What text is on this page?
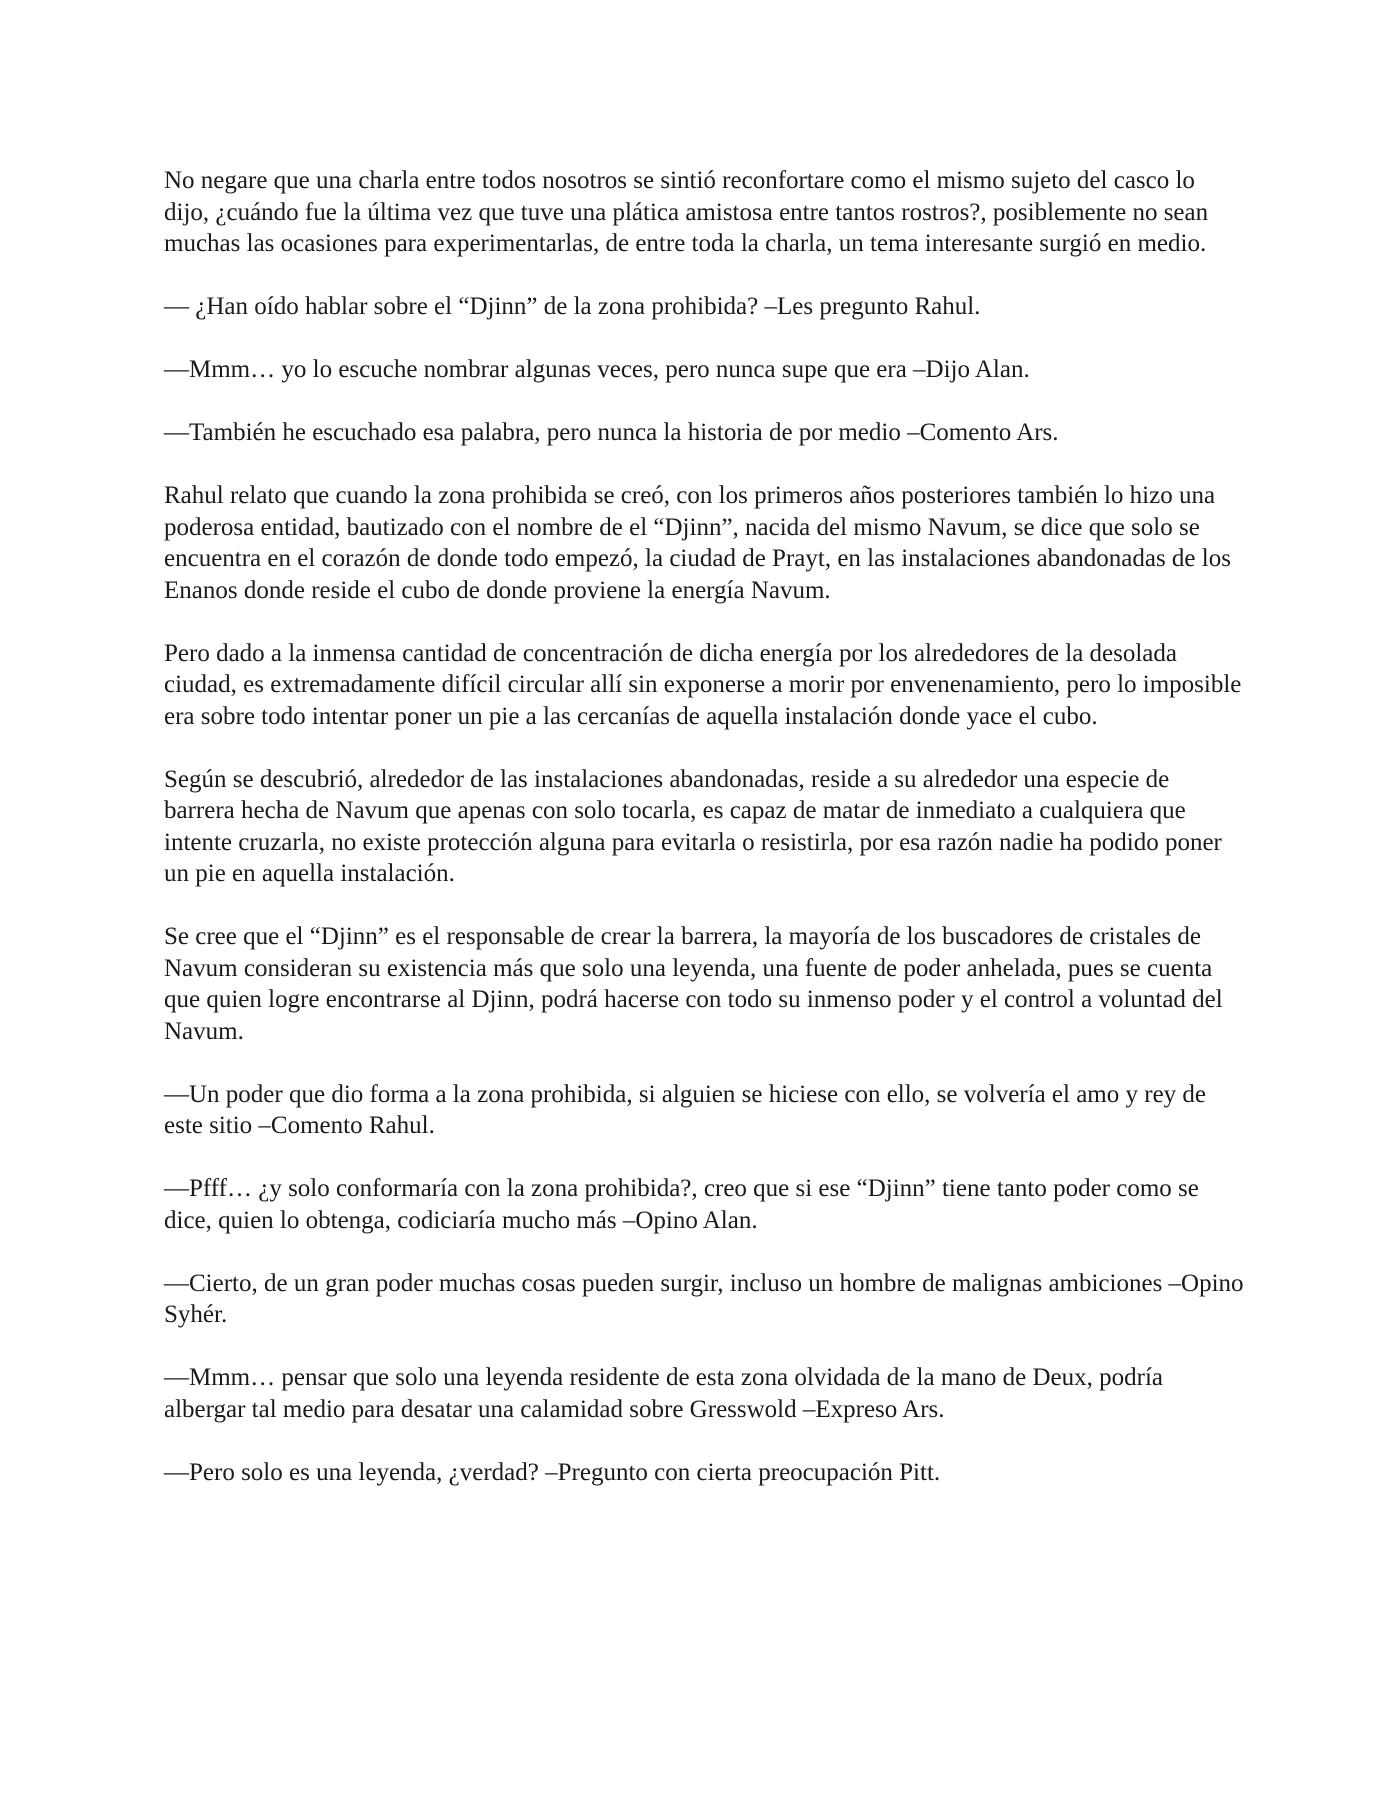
No negare que una charla entre todos nosotros se sintió reconfortare como el mismo sujeto del casco lo dijo, ¿cuándo fue la última vez que tuve una plática amistosa entre tantos rostros?, posiblemente no sean muchas las ocasiones para experimentarlas, de entre toda la charla, un tema interesante surgió en medio.

— ¿Han oído hablar sobre el “Djinn” de la zona prohibida? –Les pregunto Rahul.

—Mmm… yo lo escuche nombrar algunas veces, pero nunca supe que era –Dijo Alan.

—También he escuchado esa palabra, pero nunca la historia de por medio –Comento Ars.

Rahul relato que cuando la zona prohibida se creó, con los primeros años posteriores también lo hizo una poderosa entidad, bautizado con el nombre de el “Djinn”, nacida del mismo Navum, se dice que solo se encuentra en el corazón de donde todo empezó, la ciudad de Prayt, en las instalaciones abandonadas de los Enanos donde reside el cubo de donde proviene la energía Navum.

Pero dado a la inmensa cantidad de concentración de dicha energía por los alrededores de la desolada ciudad, es extremadamente difícil circular allí sin exponerse a morir por envenenamiento, pero lo imposible era sobre todo intentar poner un pie a las cercanías de aquella instalación donde yace el cubo.

Según se descubrió, alrededor de las instalaciones abandonadas, reside a su alrededor una especie de barrera hecha de Navum que apenas con solo tocarla, es capaz de matar de inmediato a cualquiera que intente cruzarla, no existe protección alguna para evitarla o resistirla, por esa razón nadie ha podido poner un pie en aquella instalación.

Se cree que el “Djinn” es el responsable de crear la barrera, la mayoría de los buscadores de cristales de Navum consideran su existencia más que solo una leyenda, una fuente de poder anhelada, pues se cuenta que quien logre encontrarse al Djinn, podrá hacerse con todo su inmenso poder y el control a voluntad del Navum.

—Un poder que dio forma a la zona prohibida, si alguien se hiciese con ello, se volvería el amo y rey de este sitio –Comento Rahul.

—Pfff… ¿y solo conformaría con la zona prohibida?, creo que si ese “Djinn” tiene tanto poder como se dice, quien lo obtenga, codiciaría mucho más –Opino Alan.

—Cierto, de un gran poder muchas cosas pueden surgir, incluso un hombre de malignas ambiciones –Opino Syhér.

—Mmm… pensar que solo una leyenda residente de esta zona olvidada de la mano de Deux, podría albergar tal medio para desatar una calamidad sobre Gresswold –Expreso Ars.

—Pero solo es una leyenda, ¿verdad? –Pregunto con cierta preocupación Pitt.
